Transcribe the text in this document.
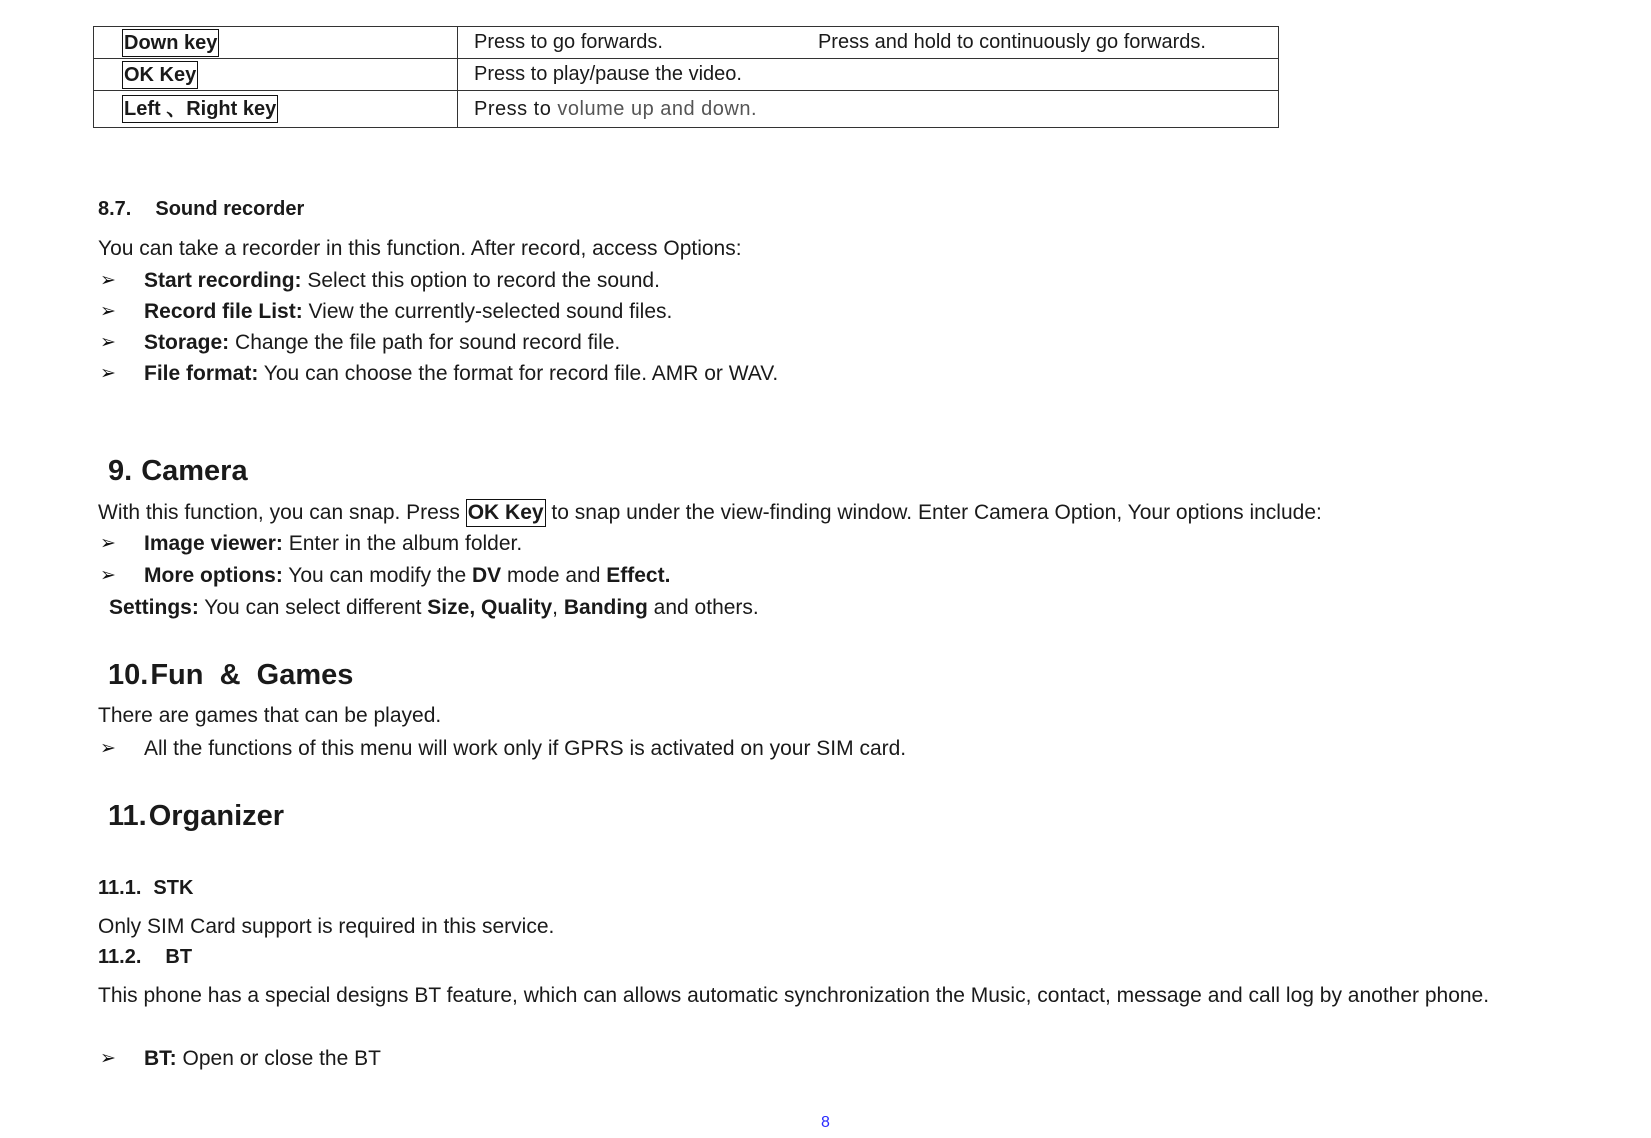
Down key	Press to go forwards. Press and hold to continuously go forwards.
OK Key	Press to play/pause the video.
Left 、Right key	Press to volume up and down.
8.7. Sound recorder
You can take a recorder in this function. After record, access Options:
➢ Start recording: Select this option to record the sound.
➢ Record file List: View the currently-selected sound files.
➢ Storage: Change the file path for sound record file.
➢ File format: You can choose the format for record file. AMR or WAV.
9. Camera
With this function, you can snap. Press OK Key to snap under the view-finding window. Enter Camera Option, Your options include:
➢ Image viewer: Enter in the album folder.
➢ More options: You can modify the DV mode and Effect.
Settings: You can select different Size, Quality, Banding and others.
10.Fun  &  Games
There are games that can be played.
➢ All the functions of this menu will work only if GPRS is activated on your SIM card.
11.Organizer
11.1. STK
Only SIM Card support is required in this service.
11.2. BT
This phone has a special designs BT feature, which can allows automatic synchronization the Music, contact, message and call log by another phone.
➢ BT: Open or close the BT
8
